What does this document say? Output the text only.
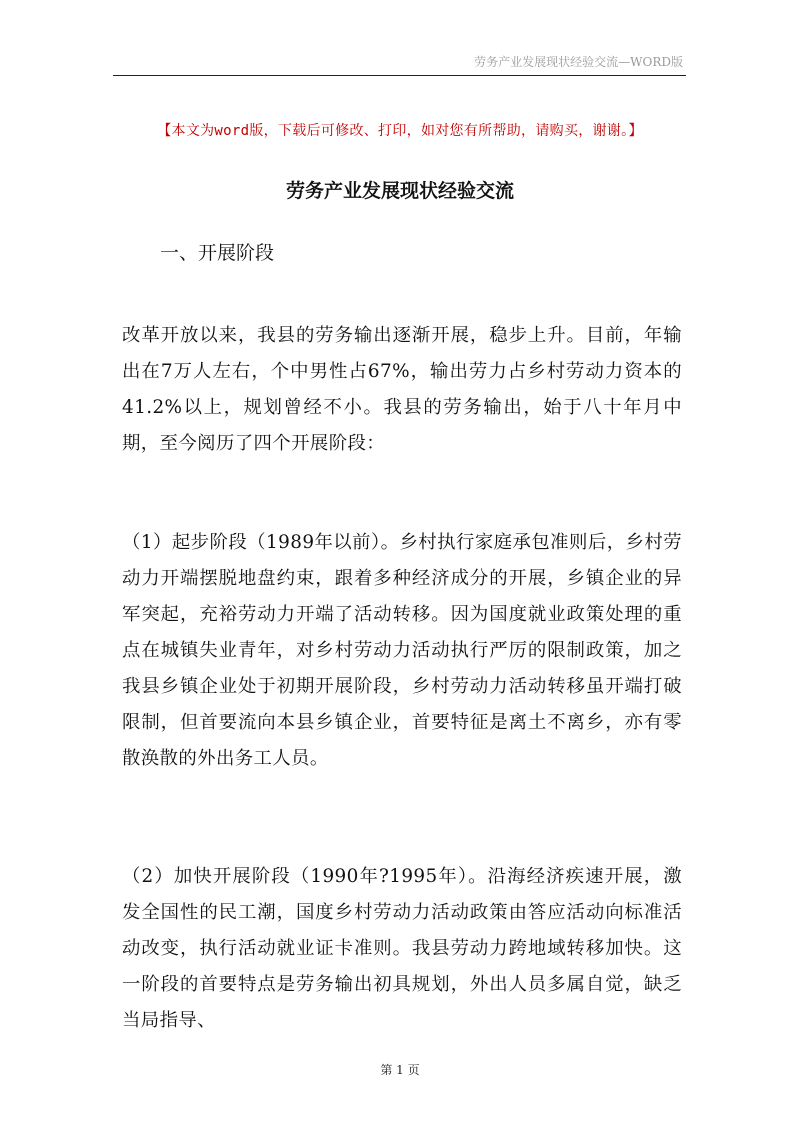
劳务产业发展现状经验交流—WORD版
【本文为word版，下载后可修改、打印，如对您有所帮助，请购买，谢谢。】
劳务产业发展现状经验交流
一、开展阶段

改革开放以来，我县的劳务输出逐渐开展，稳步上升。目前，年输出在7万人左右，个中男性占67%，输出劳力占乡村劳动力资本的41.2%以上，规划曾经不小。我县的劳务输出，始于八十年月中期，至今阅历了四个开展阶段：

（1）起步阶段（1989年以前）。乡村执行家庭承包准则后，乡村劳动力开端摆脱地盘约束，跟着多种经济成分的开展，乡镇企业的异军突起，充裕劳动力开端了活动转移。因为国度就业政策处理的重点在城镇失业青年，对乡村劳动力活动执行严厉的限制政策，加之我县乡镇企业处于初期开展阶段，乡村劳动力活动转移虽开端打破限制，但首要流向本县乡镇企业，首要特征是离土不离乡，亦有零散涣散的外出务工人员。

（2）加快开展阶段（1990年?1995年）。沿海经济疾速开展，激发全国性的民工潮，国度乡村劳动力活动政策由答应活动向标准活动改变，执行活动就业证卡准则。我县劳动力跨地域转移加快。这一阶段的首要特点是劳务输出初具规划，外出人员多属自觉，缺乏当局指导、

第 1 页
